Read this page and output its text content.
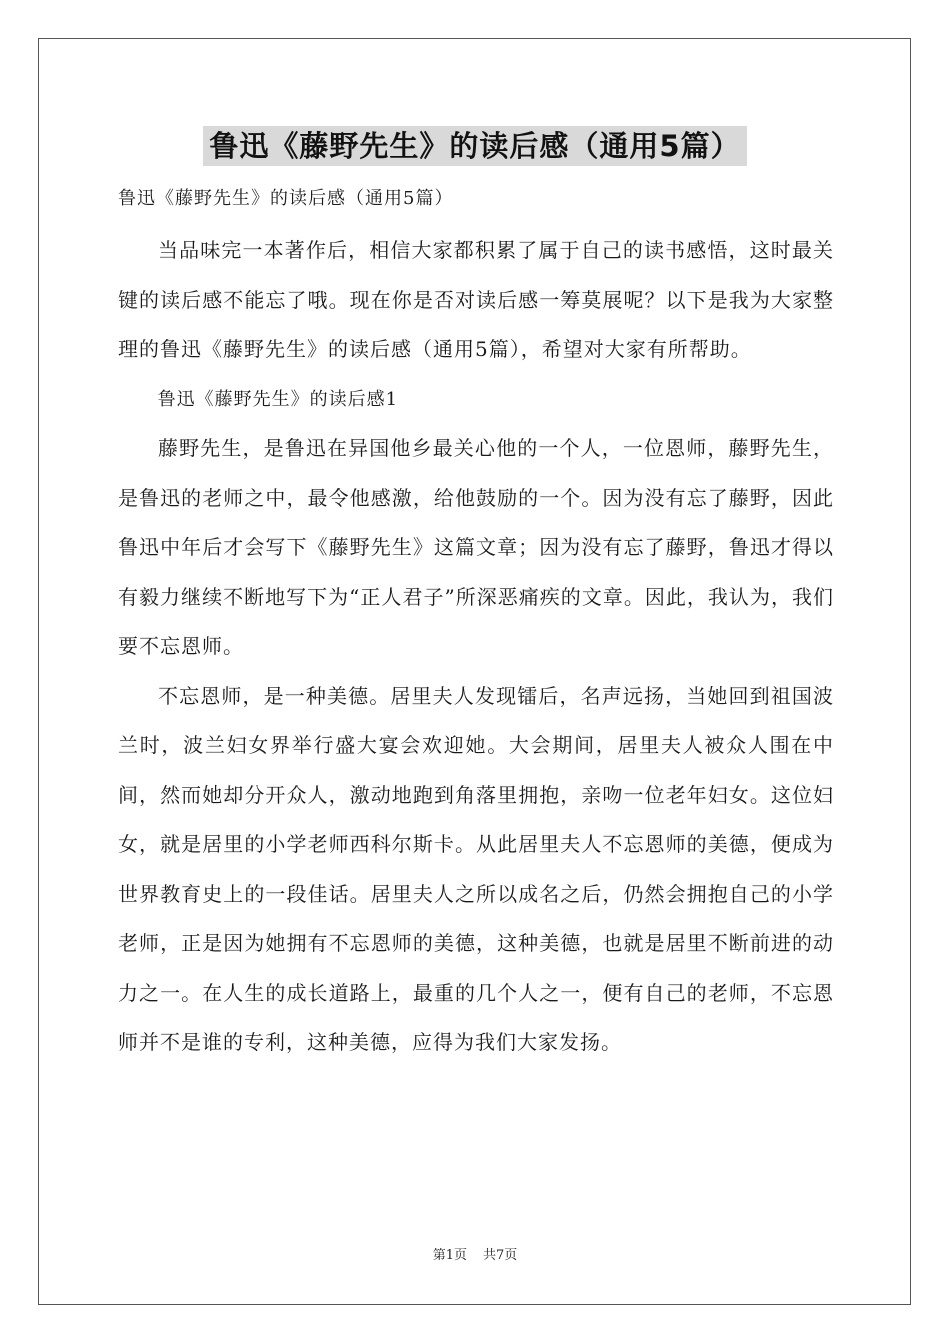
鲁迅《藤野先生》的读后感（通用5篇）

鲁迅《藤野先生》的读后感（通用5篇）

当品味完一本著作后，相信大家都积累了属于自己的读书感悟，这时最关键的读后感不能忘了哦。现在你是否对读后感一筹莫展呢？以下是我为大家整理的鲁迅《藤野先生》的读后感（通用5篇），希望对大家有所帮助。

鲁迅《藤野先生》的读后感1

藤野先生，是鲁迅在异国他乡最关心他的一个人，一位恩师，藤野先生，是鲁迅的老师之中，最令他感激，给他鼓励的一个。因为没有忘了藤野，因此鲁迅中年后才会写下《藤野先生》这篇文章；因为没有忘了藤野，鲁迅才得以有毅力继续不断地写下为“正人君子”所深恶痛疾的文章。因此，我认为，我们要不忘恩师。

不忘恩师，是一种美德。居里夫人发现镭后，名声远扬，当她回到祖国波兰时，波兰妇女界举行盛大宴会欢迎她。大会期间，居里夫人被众人围在中间，然而她却分开众人，激动地跑到角落里拥抱，亲吻一位老年妇女。这位妇女，就是居里的小学老师西科尔斯卡。从此居里夫人不忘恩师的美德，便成为世界教育史上的一段佳话。居里夫人之所以成名之后，仍然会拥抱自己的小学老师，正是因为她拥有不忘恩师的美德，这种美德，也就是居里不断前进的动力之一。在人生的成长道路上，最重的几个人之一，便有自己的老师，不忘恩师并不是谁的专利，这种美德，应得为我们大家发扬。

第1页 共7页
